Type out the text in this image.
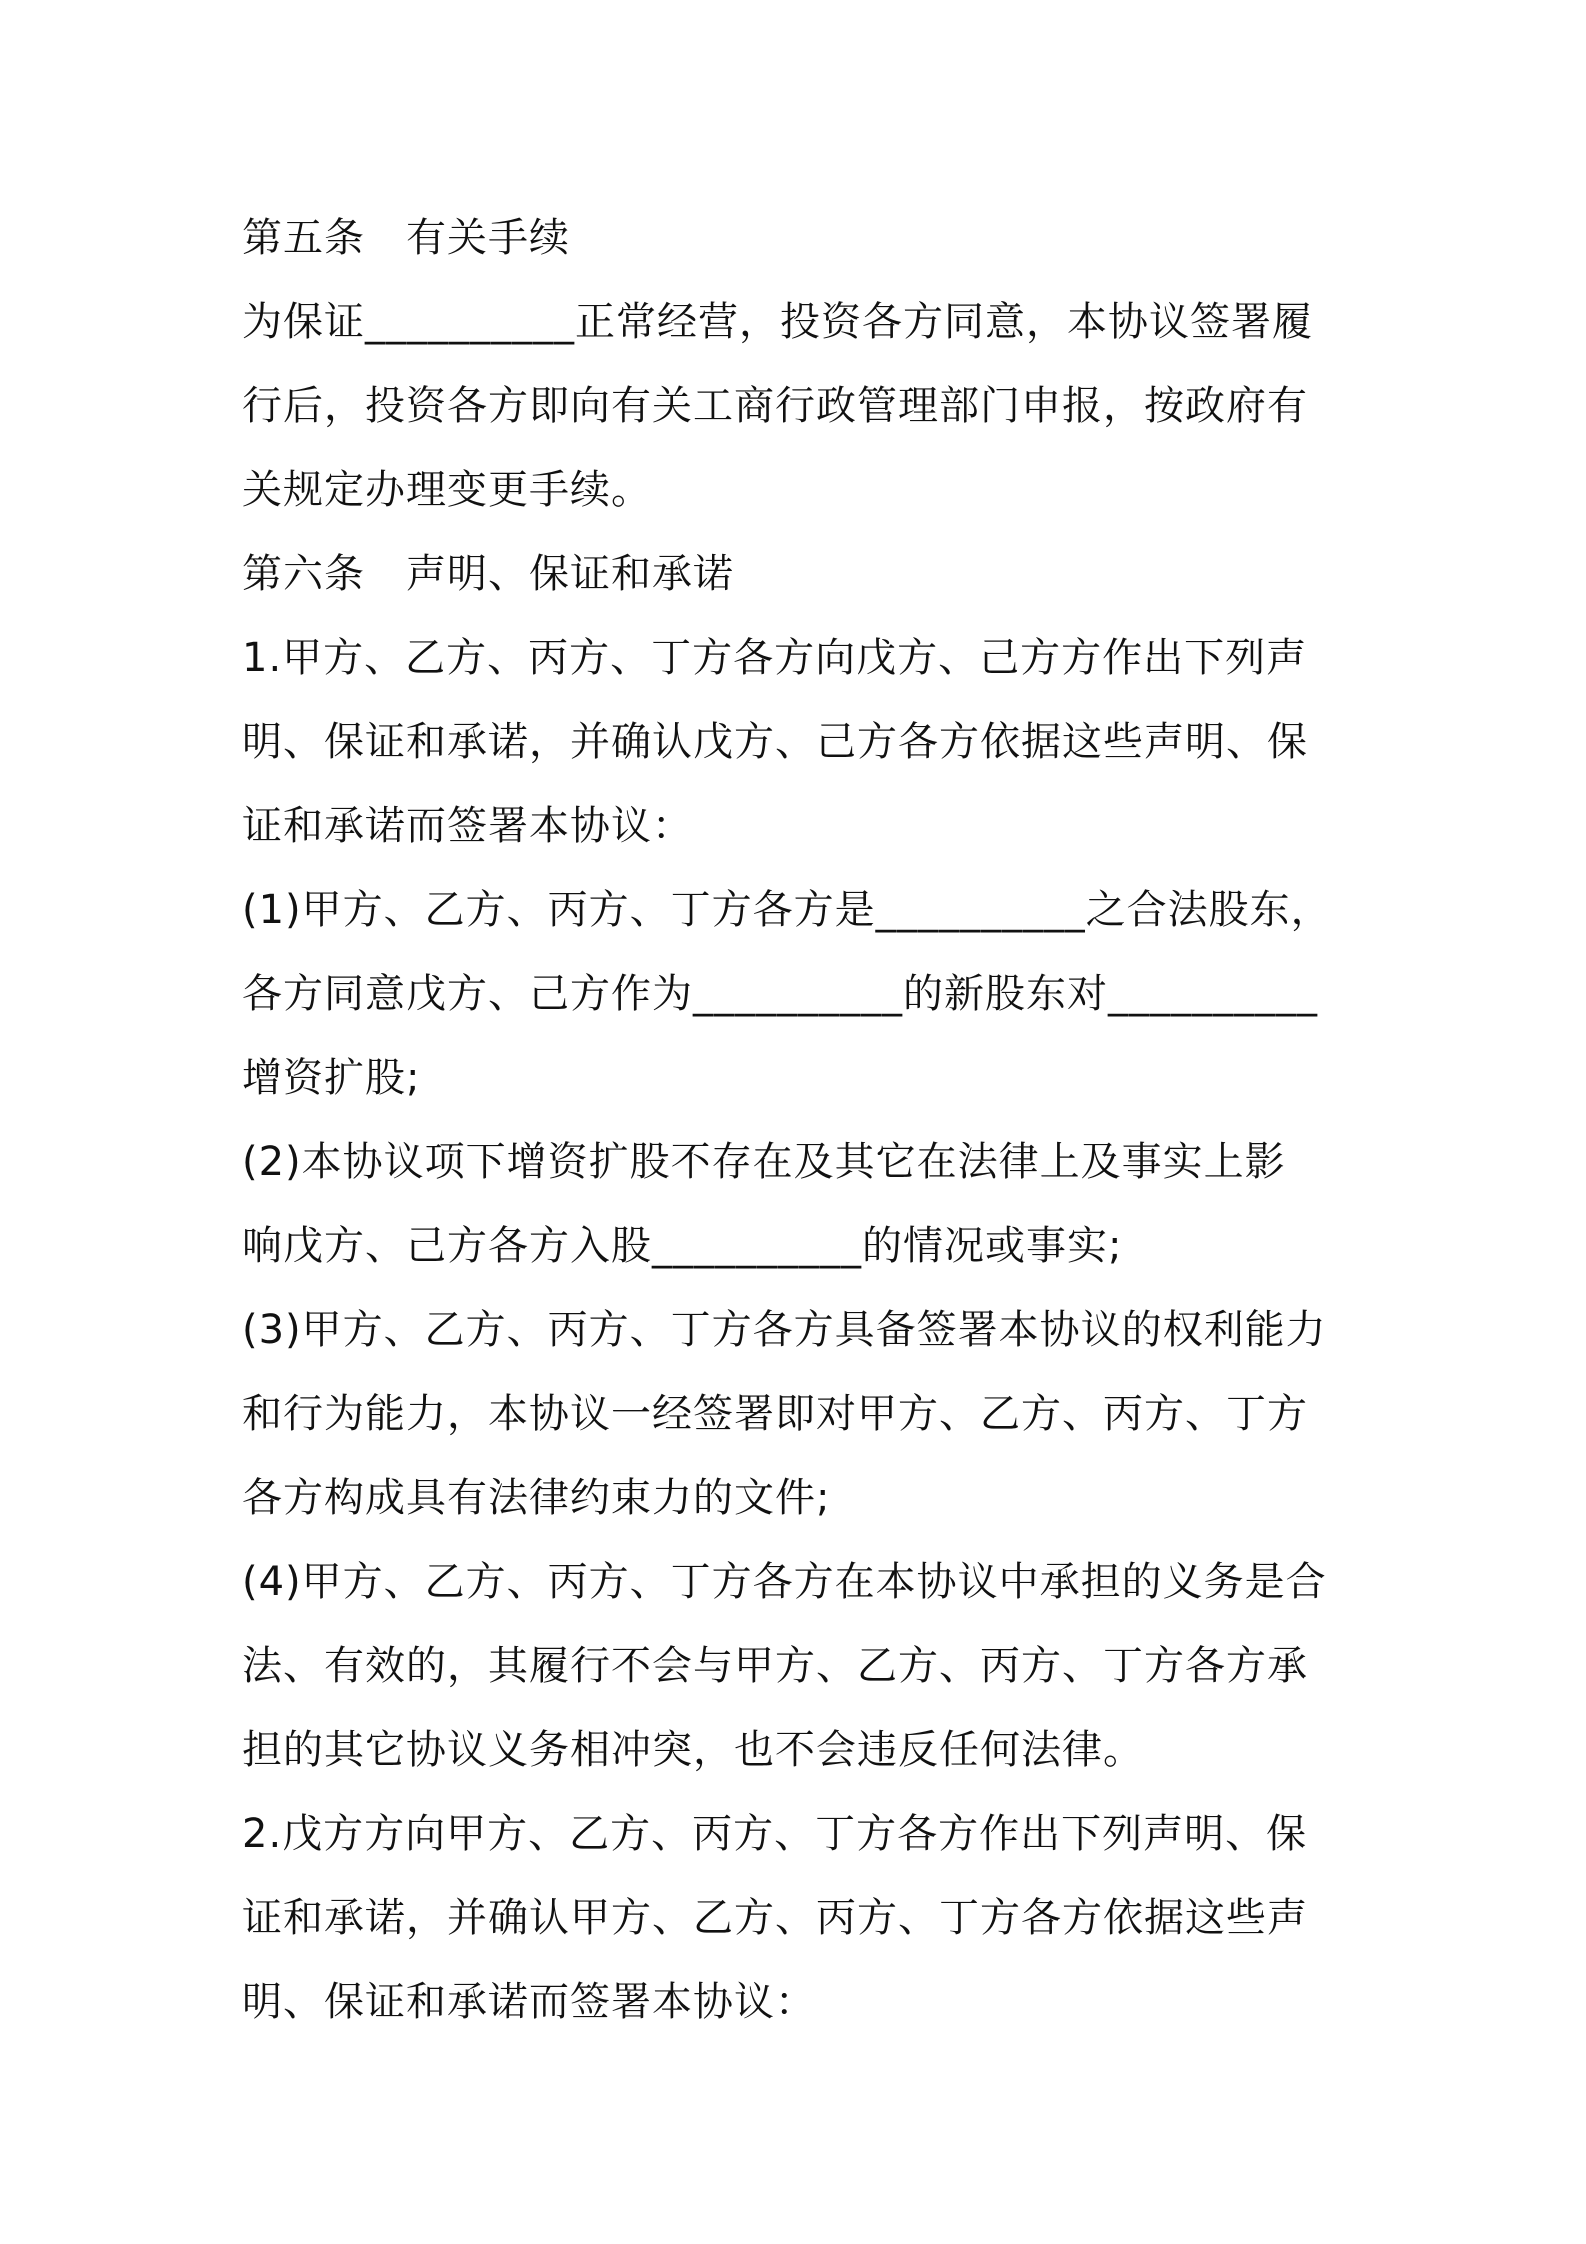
第五条　有关手续
为保证__________正常经营，投资各方同意，本协议签署履
行后，投资各方即向有关工商行政管理部门申报，按政府有
关规定办理变更手续。
第六条　声明、保证和承诺
1.甲方、乙方、丙方、丁方各方向戊方、己方方作出下列声
明、保证和承诺，并确认戊方、己方各方依据这些声明、保
证和承诺而签署本协议：
(1)甲方、乙方、丙方、丁方各方是__________之合法股东，
各方同意戊方、己方作为__________的新股东对__________
增资扩股;
(2)本协议项下增资扩股不存在及其它在法律上及事实上影
响戊方、己方各方入股__________的情况或事实;
(3)甲方、乙方、丙方、丁方各方具备签署本协议的权利能力
和行为能力，本协议一经签署即对甲方、乙方、丙方、丁方
各方构成具有法律约束力的文件;
(4)甲方、乙方、丙方、丁方各方在本协议中承担的义务是合
法、有效的，其履行不会与甲方、乙方、丙方、丁方各方承
担的其它协议义务相冲突，也不会违反任何法律。
2.戊方方向甲方、乙方、丙方、丁方各方作出下列声明、保
证和承诺，并确认甲方、乙方、丙方、丁方各方依据这些声
明、保证和承诺而签署本协议：
